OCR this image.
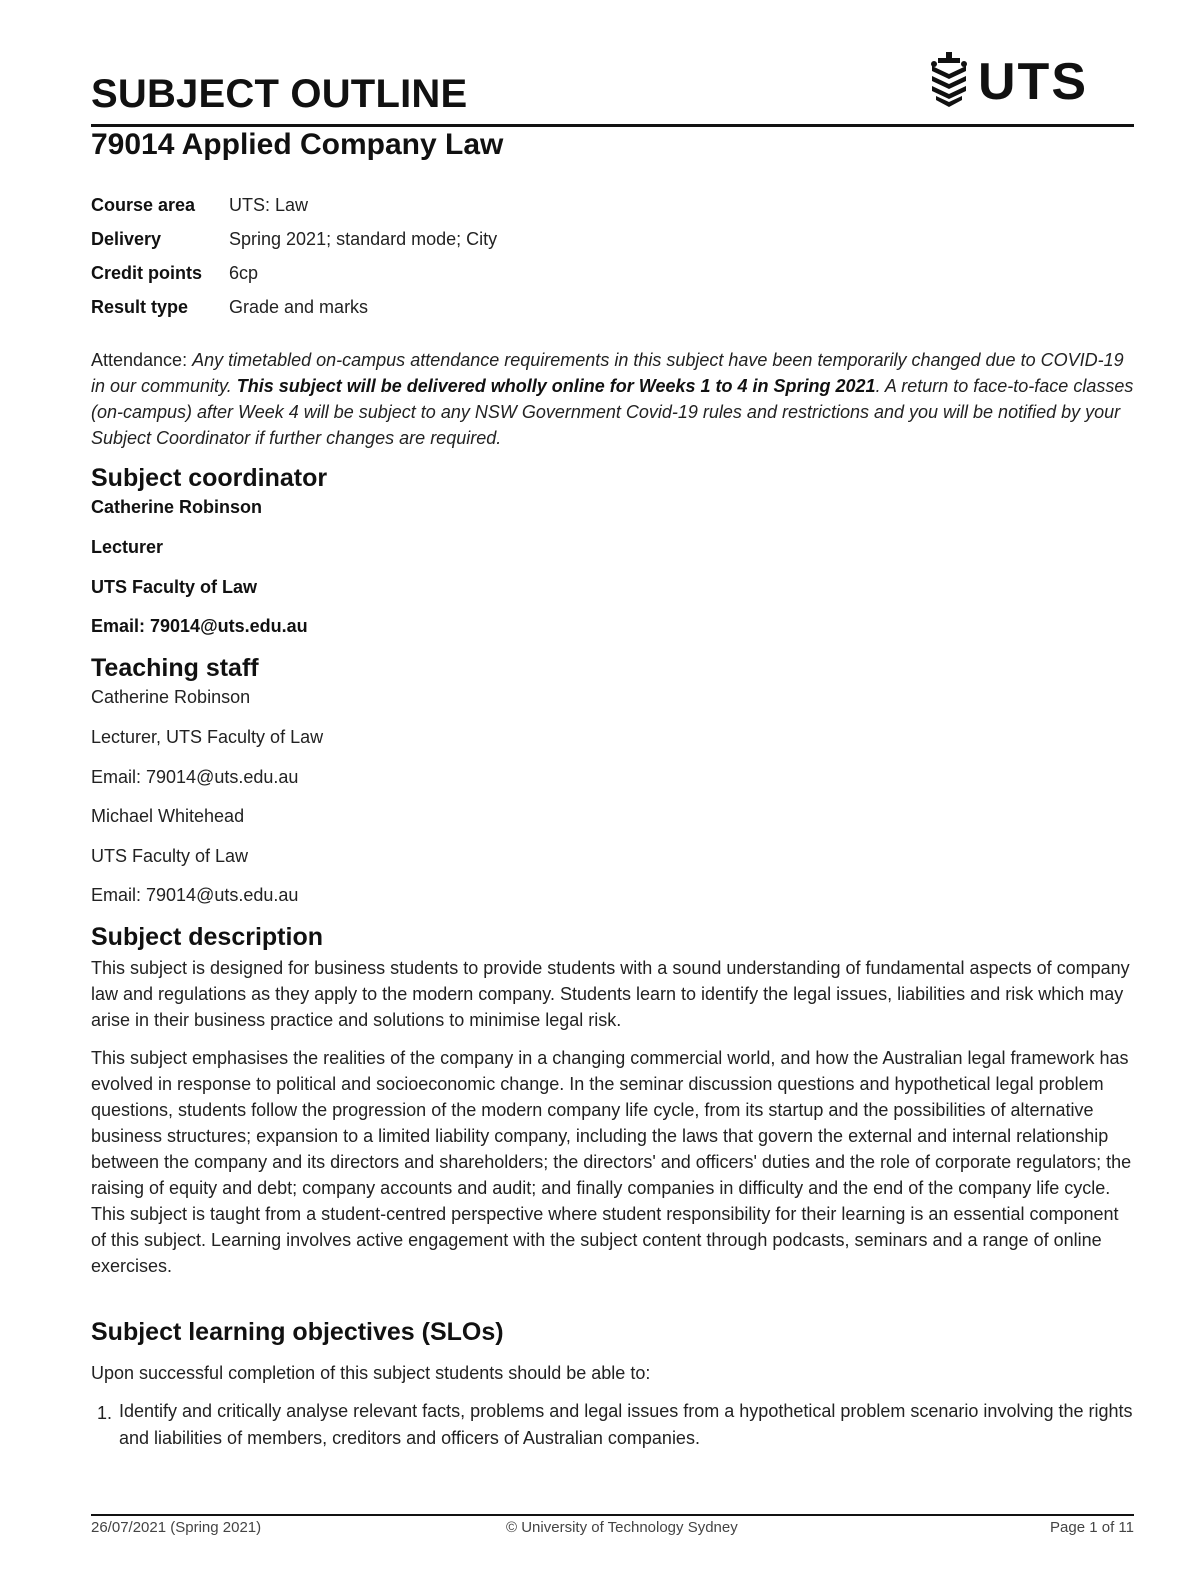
SUBJECT OUTLINE	UTS
79014 Applied Company Law
Course area	UTS: Law
Delivery	Spring 2021; standard mode; City
Credit points	6cp
Result type	Grade and marks

Attendance: Any timetabled on-campus attendance requirements in this subject have been temporarily changed due to COVID-19 in our community. This subject will be delivered wholly online for Weeks 1 to 4 in Spring 2021. A return to face-to-face classes (on-campus) after Week 4 will be subject to any NSW Government Covid-19 rules and restrictions and you will be notified by your Subject Coordinator if further changes are required.

Subject coordinator

Catherine Robinson

Lecturer

UTS Faculty of Law

Email: 79014@uts.edu.au

Teaching staff

Catherine Robinson

Lecturer, UTS Faculty of Law

Email: 79014@uts.edu.au

Michael Whitehead

UTS Faculty of Law

Email: 79014@uts.edu.au

Subject description

This subject is designed for business students to provide students with a sound understanding of fundamental aspects of company law and regulations as they apply to the modern company. Students learn to identify the legal issues, liabilities and risk which may arise in their business practice and solutions to minimise legal risk.

This subject emphasises the realities of the company in a changing commercial world, and how the Australian legal framework has evolved in response to political and socioeconomic change. In the seminar discussion questions and hypothetical legal problem questions, students follow the progression of the modern company life cycle, from its startup and the possibilities of alternative business structures; expansion to a limited liability company, including the laws that govern the external and internal relationship between the company and its directors and shareholders; the directors' and officers' duties and the role of corporate regulators; the raising of equity and debt; company accounts and audit; and finally companies in difficulty and the end of the company life cycle. This subject is taught from a student-centred perspective where student responsibility for their learning is an essential component of this subject. Learning involves active engagement with the subject content through podcasts, seminars and a range of online exercises.

Subject learning objectives (SLOs)

Upon successful completion of this subject students should be able to:

1. Identify and critically analyse relevant facts, problems and legal issues from a hypothetical problem scenario involving the rights and liabilities of members, creditors and officers of Australian companies.
26/07/2021 (Spring 2021)	© University of Technology Sydney	Page 1 of 11
